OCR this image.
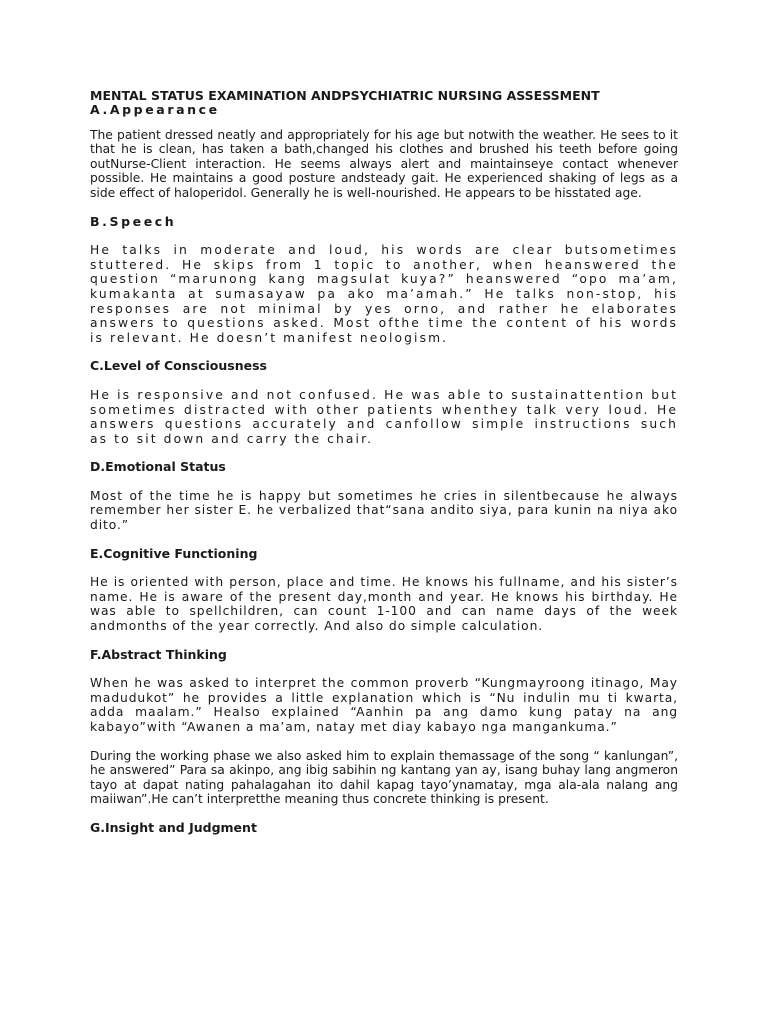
MENTAL STATUS EXAMINATION ANDPSYCHIATRIC NURSING ASSESSMENT
A.Appearance

The patient dressed neatly and appropriately for his age but notwith the weather. He sees to it that he is clean, has taken a bath,changed his clothes and brushed his teeth before going outNurse-Client interaction. He seems always alert and maintainseye contact whenever possible. He maintains a good posture andsteady gait. He experienced shaking of legs as a side effect of haloperidol. Generally he is well-nourished. He appears to be hisstated age.

B.Speech

He talks in moderate and loud, his words are clear butsometimes stuttered. He skips from 1 topic to another, when heanswered the question “marunong kang magsulat kuya?” heanswered “opo ma’am, kumakanta at sumasayaw pa ako ma’amah.” He talks non-stop, his responses are not minimal by yes orno, and rather he elaborates answers to questions asked. Most ofthe time the content of his words is relevant. He doesn’t manifest neologism.

C.Level of Consciousness

He is responsive and not confused. He was able to sustainattention but sometimes distracted with other patients whenthey talk very loud. He answers questions accurately and canfollow simple instructions such as to sit down and carry the chair.

D.Emotional Status

Most of the time he is happy but sometimes he cries in silentbecause he always remember her sister E. he verbalized that“sana andito siya, para kunin na niya ako dito.”

E.Cognitive Functioning

He is oriented with person, place and time. He knows his fullname, and his sister’s name. He is aware of the present day,month and year. He knows his birthday. He was able to spellchildren, can count 1-100 and can name days of the week andmonths of the year correctly. And also do simple calculation.

F.Abstract Thinking

When he was asked to interpret the common proverb “Kungmayroong itinago, May madudukot” he provides a little explanation which is “Nu indulin mu ti kwarta, adda maalam.” Healso explained “Aanhin pa ang damo kung patay na ang kabayo”with “Awanen a ma’am, natay met diay kabayo nga mangankuma.”

During the working phase we also asked him to explain themassage of the song “ kanlungan”, he answered” Para sa akinpo, ang ibig sabihin ng kantang yan ay, isang buhay lang angmeron tayo at dapat nating pahalagahan ito dahil kapag tayo’ynamatay, mga ala-ala nalang ang maiiwan”.He can’t interpretthe meaning thus concrete thinking is present.

G.Insight and Judgment
